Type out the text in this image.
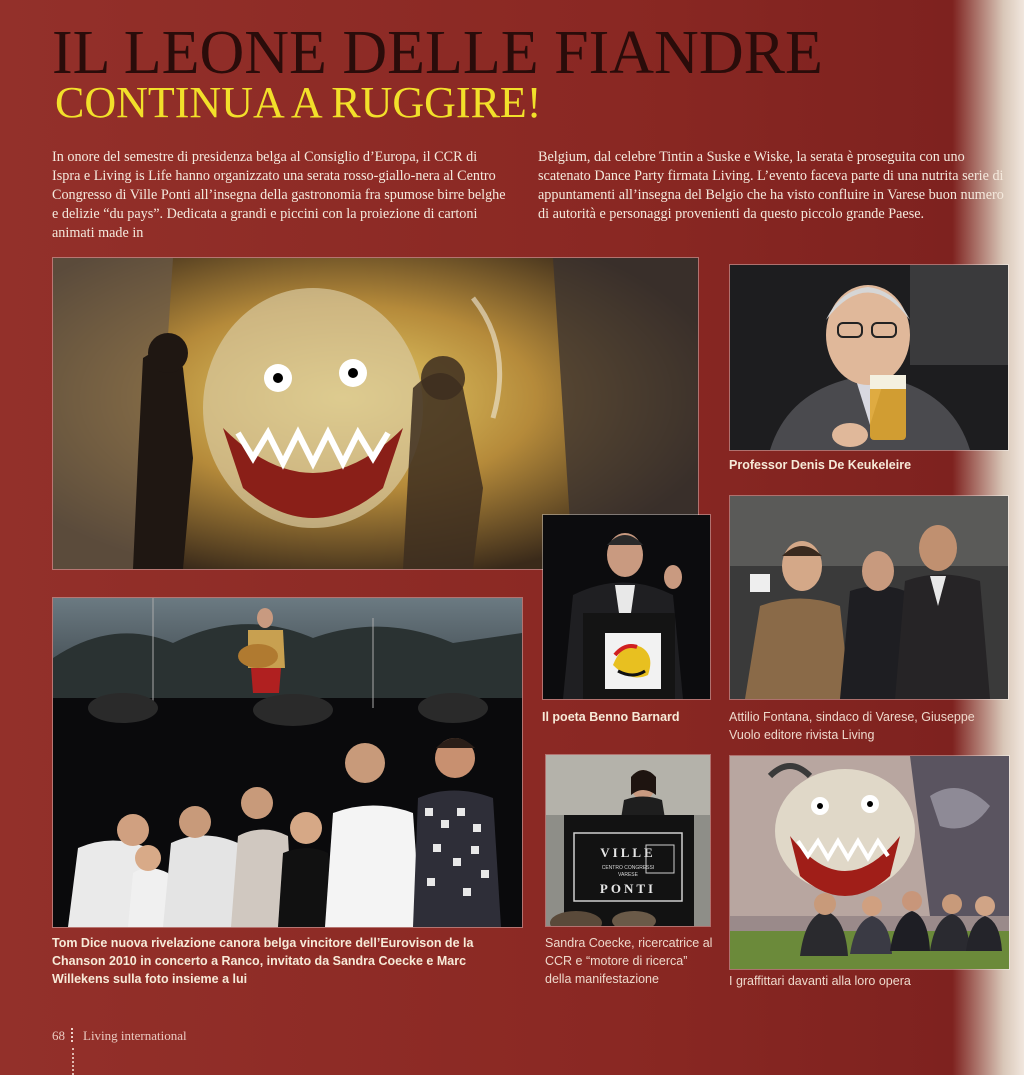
IL LEONE DELLE FIANDRE
CONTINUA A RUGGIRE!
In onore del semestre di presidenza belga al Consiglio d’Europa, il CCR di Ispra e Living is Life hanno organizzato una serata rosso-giallo-nera al Centro Congresso di Ville Ponti all’insegna della gastronomia fra spumose birre belghe e delizie “du pays”. Dedicata a grandi e piccini con la proiezione di cartoni animati made in
Belgium, dal celebre Tintin a Suske e Wiske, la serata è proseguita con uno scatenato Dance Party firmata Living. L’evento faceva parte di una nutrita serie di appuntamenti all’insegna del Belgio che ha visto confluire in Varese buon numero di autorità e personaggi provenienti da questo piccolo grande Paese.
Professor Denis De Keukeleire
Il poeta Benno Barnard	Attilio Fontana, sindaco di Varese, Giuseppe Vuolo editore rivista Living
Tom Dice nuova rivelazione canora belga vincitore dell’Eurovison de la Chanson 2010 in concerto a Ranco, invitato da Sandra Coecke e Marc Willekens sulla foto insieme a lui
VILLE
CENTRO CONGRESSI
VARESE
PONTI
Sandra Coecke, ricercatrice al CCR e “motore di ricerca” della manifestazione	I graffittari davanti alla loro opera
68 Living international
